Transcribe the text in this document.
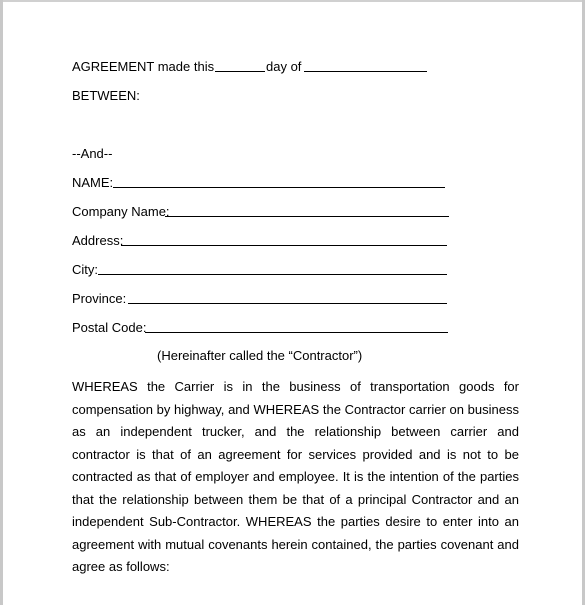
AGREEMENT made this	day of
BETWEEN:
--And--
NAME:
Company Name:
Address:
City:
Province:
Postal Code:
(Hereinafter called the “Contractor”)
WHEREAS the Carrier is in the business of transportation goods for compensation by highway, and WHEREAS the Contractor carrier on business as an independent trucker, and the relationship between carrier and contractor is that of an agreement for services provided and is not to be contracted as that of employer and employee. It is the intention of the parties that the relationship between them be that of a principal Contractor and an independent Sub-Contractor. WHEREAS the parties desire to enter into an agreement with mutual covenants herein contained, the parties covenant and agree as follows:
